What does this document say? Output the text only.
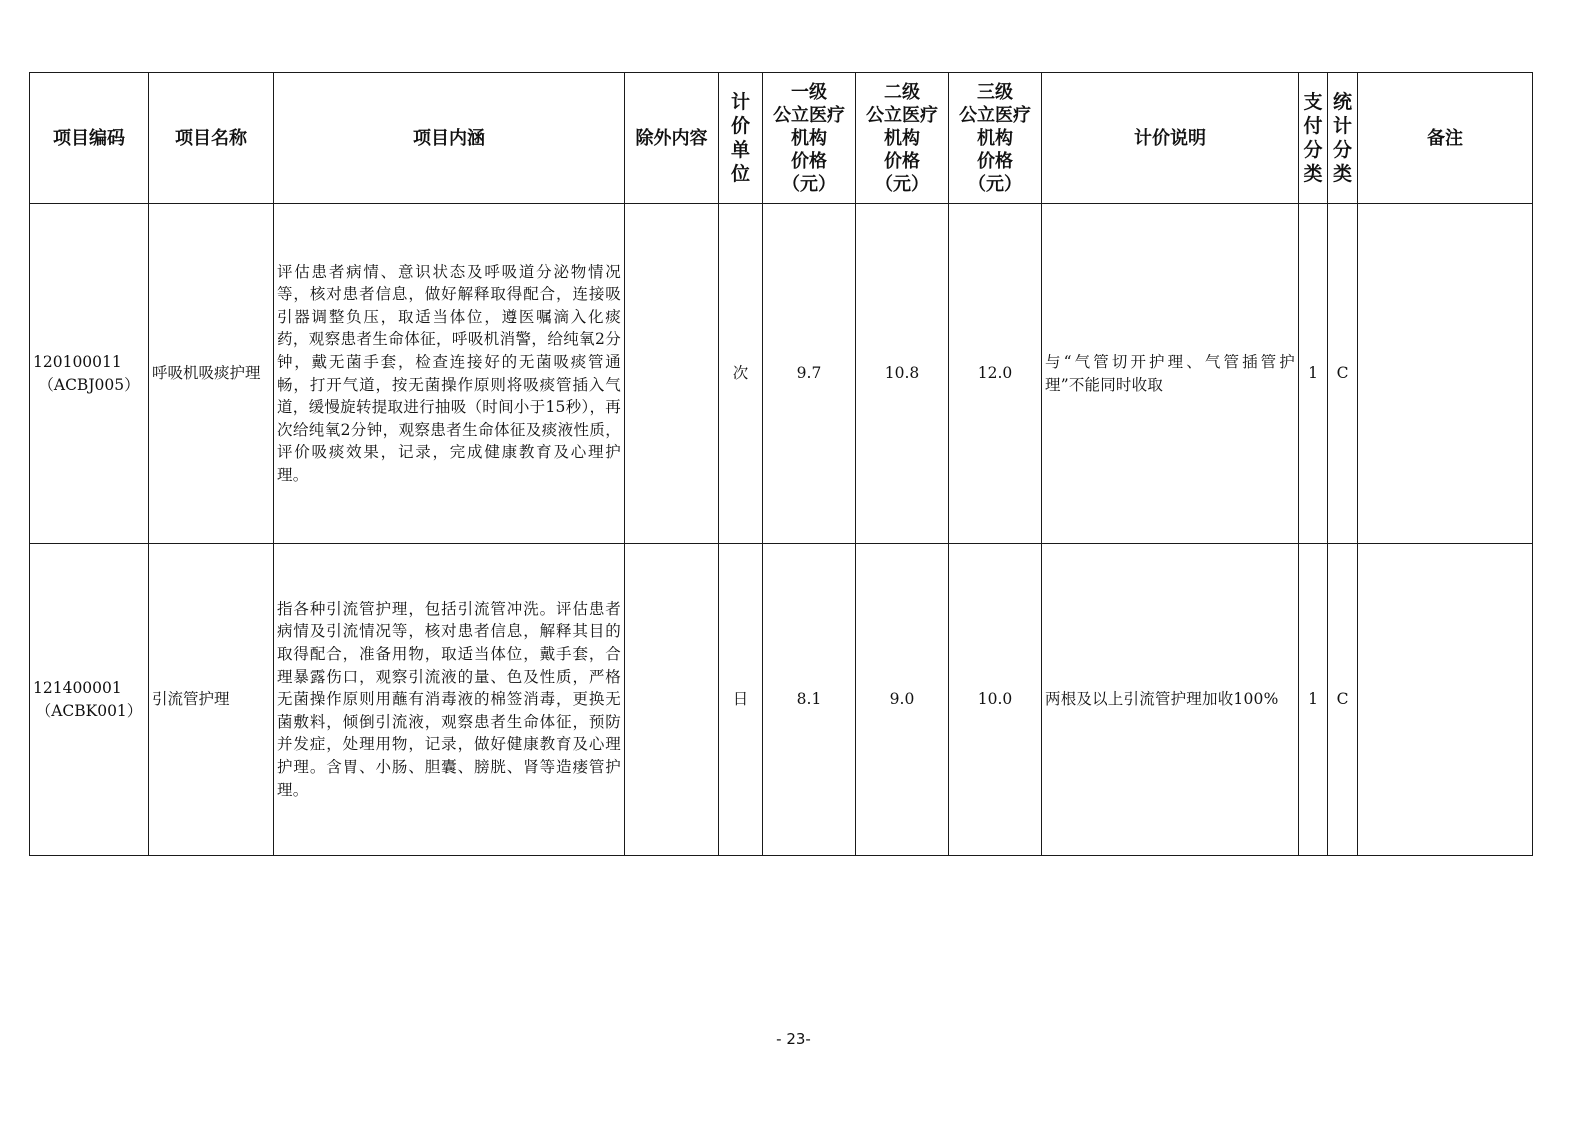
项目编码	项目名称	项目内涵	除外内容	计
价
单
位	一级
公立医疗
机构
价格
（元）	二级
公立医疗
机构
价格
（元）	三级
公立医疗
机构
价格
（元）	计价说明	支
付
分
类	统
计
分
类	备注

120100011
（ACBJ005）	呼吸机吸痰护理	评估患者病情、意识状态及呼吸道分泌物情况等，核对患者信息，做好解释取得配合，连接吸引器调整负压，取适当体位，遵医嘱滴入化痰药，观察患者生命体征，呼吸机消警，给纯氧2分钟，戴无菌手套，检查连接好的无菌吸痰管通畅，打开气道，按无菌操作原则将吸痰管插入气道，缓慢旋转提取进行抽吸（时间小于15秒），再次给纯氧2分钟，观察患者生命体征及痰液性质，评价吸痰效果，记录，完成健康教育及心理护理。		次	9.7	10.8	12.0	与“气管切开护理、气管插管护理”不能同时收取	1	C	

121400001
（ACBK001）	引流管护理	指各种引流管护理，包括引流管冲洗。评估患者病情及引流情况等，核对患者信息，解释其目的取得配合，准备用物，取适当体位，戴手套，合理暴露伤口，观察引流液的量、色及性质，严格无菌操作原则用蘸有消毒液的棉签消毒，更换无菌敷料，倾倒引流液，观察患者生命体征，预防并发症，处理用物，记录，做好健康教育及心理护理。含胃、小肠、胆囊、膀胱、肾等造瘘管护理。		日	8.1	9.0	10.0	两根及以上引流管护理加收100%	1	C	
- 23-
